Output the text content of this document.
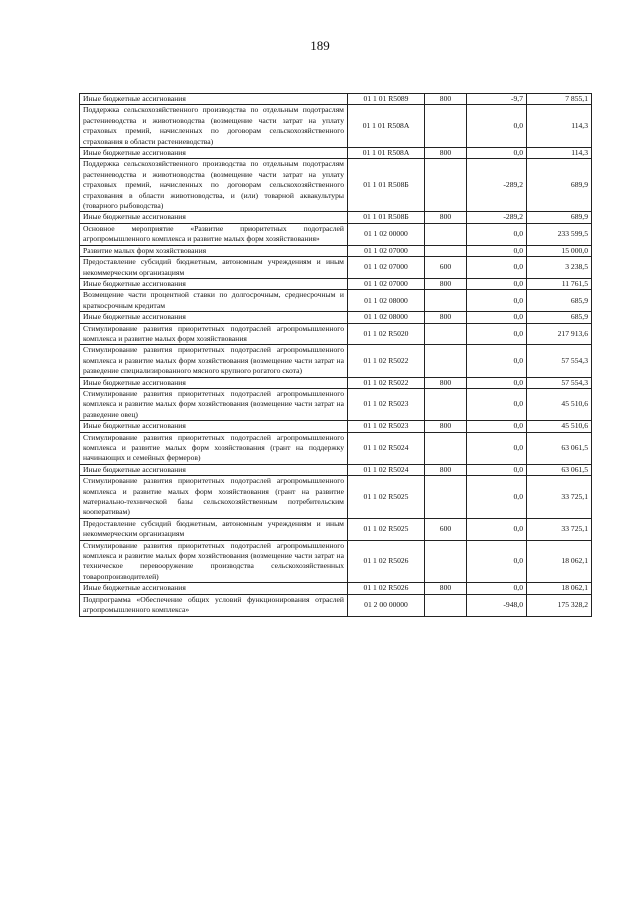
189
Иные бюджетные ассигнования	01 1 01 R5089	800	-9,7	7 855,1
Поддержка сельскохозяйственного производства по отдельным подотраслям растениеводства и животноводства (возмещение части затрат на уплату страховых премий, начисленных по договорам сельскохозяйственного страхования в области растениеводства)	01 1 01 R508А		0,0	114,3
Иные бюджетные ассигнования	01 1 01 R508А	800	0,0	114,3
Поддержка сельскохозяйственного производства по отдельным подотраслям растениеводства и животноводства (возмещение части затрат на уплату страховых премий, начисленных по договорам сельскохозяйственного страхования в области животноводства, и (или) товарной аквакультуры (товарного рыбоводства)	01 1 01 R508Б		-289,2	689,9
Иные бюджетные ассигнования	01 1 01 R508Б	800	-289,2	689,9
Основное мероприятие «Развитие приоритетных подотраслей агропромышленного комплекса и развитие малых форм хозяйствования»	01 1 02 00000		0,0	233 599,5
Развитие малых форм хозяйствования	01 1 02 07000		0,0	15 000,0
Предоставление субсидий бюджетным, автономным учреждениям и иным некоммерческим организациям	01 1 02 07000	600	0,0	3 238,5
Иные бюджетные ассигнования	01 1 02 07000	800	0,0	11 761,5
Возмещение части процентной ставки по долгосрочным, среднесрочным и краткосрочным кредитам	01 1 02 08000		0,0	685,9
Иные бюджетные ассигнования	01 1 02 08000	800	0,0	685,9
Стимулирование развития приоритетных подотраслей агропромышленного комплекса и развитие малых форм хозяйствования	01 1 02 R5020		0,0	217 913,6
Стимулирование развития приоритетных подотраслей агропромышленного комплекса и развитие малых форм хозяйствования (возмещение части затрат на разведение специализированного мясного крупного рогатого скота)	01 1 02 R5022		0,0	57 554,3
Иные бюджетные ассигнования	01 1 02 R5022	800	0,0	57 554,3
Стимулирование развития приоритетных подотраслей агропромышленного комплекса и развитие малых форм хозяйствования (возмещение части затрат на разведение овец)	01 1 02 R5023		0,0	45 510,6
Иные бюджетные ассигнования	01 1 02 R5023	800	0,0	45 510,6
Стимулирование развития приоритетных подотраслей агропромышленного комплекса и развитие малых форм хозяйствования (грант на поддержку начинающих и семейных фермеров)	01 1 02 R5024		0,0	63 061,5
Иные бюджетные ассигнования	01 1 02 R5024	800	0,0	63 061,5
Стимулирование развития приоритетных подотраслей агропромышленного комплекса и развитие малых форм хозяйствования (грант на развитие материально-технической базы сельскохозяйственным потребительским кооперативам)	01 1 02 R5025		0,0	33 725,1
Предоставление субсидий бюджетным, автономным учреждениям и иным некоммерческим организациям	01 1 02 R5025	600	0,0	33 725,1
Стимулирование развития приоритетных подотраслей агропромышленного комплекса и развитие малых форм хозяйствования (возмещение части затрат на техническое перевооружение производства сельскохозяйственных товаропроизводителей)	01 1 02 R5026		0,0	18 062,1
Иные бюджетные ассигнования	01 1 02 R5026	800	0,0	18 062,1
Подпрограмма «Обеспечение общих условий функционирования отраслей агропромышленного комплекса»	01 2 00 00000		-948,0	175 328,2
